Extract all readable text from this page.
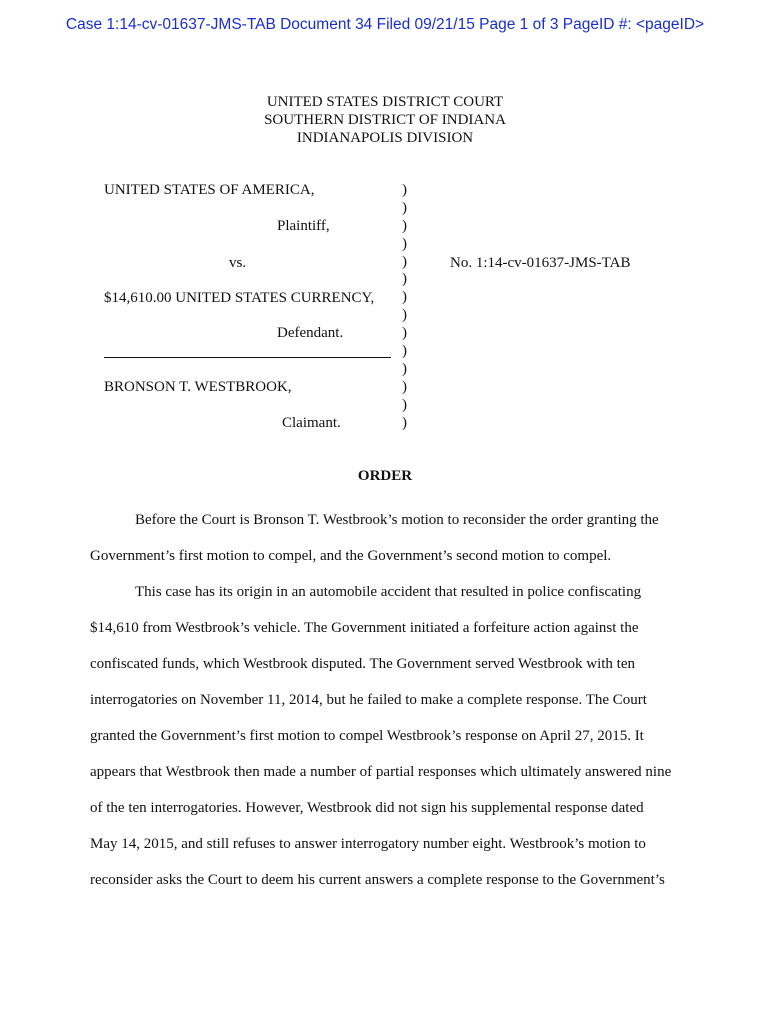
Case 1:14-cv-01637-JMS-TAB Document 34 Filed 09/21/15 Page 1 of 3 PageID #: <pageID>
UNITED STATES DISTRICT COURT
SOUTHERN DISTRICT OF INDIANA
INDIANAPOLIS DIVISION
UNITED STATES OF AMERICA,
Plaintiff,
vs.
$14,610.00 UNITED STATES CURRENCY,
Defendant.
BRONSON T. WESTBROOK,
Claimant.
)
)
)
)
)
)
)
)
)
)
)
)
)
)
No. 1:14-cv-01637-JMS-TAB
ORDER

Before the Court is Bronson T. Westbrook’s motion to reconsider the order granting the

Government’s first motion to compel, and the Government’s second motion to compel.

This case has its origin in an automobile accident that resulted in police confiscating

$14,610 from Westbrook’s vehicle. The Government initiated a forfeiture action against the

confiscated funds, which Westbrook disputed. The Government served Westbrook with ten

interrogatories on November 11, 2014, but he failed to make a complete response. The Court

granted the Government’s first motion to compel Westbrook’s response on April 27, 2015. It

appears that Westbrook then made a number of partial responses which ultimately answered nine

of the ten interrogatories. However, Westbrook did not sign his supplemental response dated

May 14, 2015, and still refuses to answer interrogatory number eight. Westbrook’s motion to

reconsider asks the Court to deem his current answers a complete response to the Government’s
